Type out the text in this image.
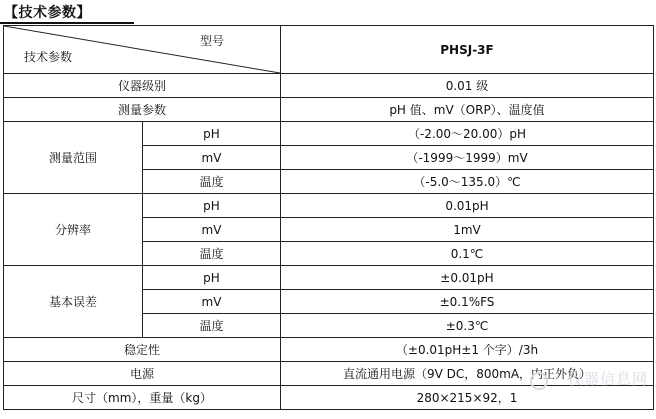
【技术参数】
型号
技术参数		PHSJ-3F
仪器级别		0.01 级
测量参数		pH 值、mV（ORP）、温度值
测量范围	pH	（-2.00～20.00）pH
	mV	（-1999～1999）mV
	温度	（-5.0～135.0）℃
分辨率	pH	0.01pH
	mV	1mV
	温度	0.1℃
基本误差	pH	±0.01pH
	mV	±0.1%FS
	温度	±0.3℃
稳定性		（±0.01pH±1 个字）/3h
电源		直流通用电源（9V DC，800mA，内正外负）
尺寸（mm），重量（kg）		280×215×92，1
仪器信息网
